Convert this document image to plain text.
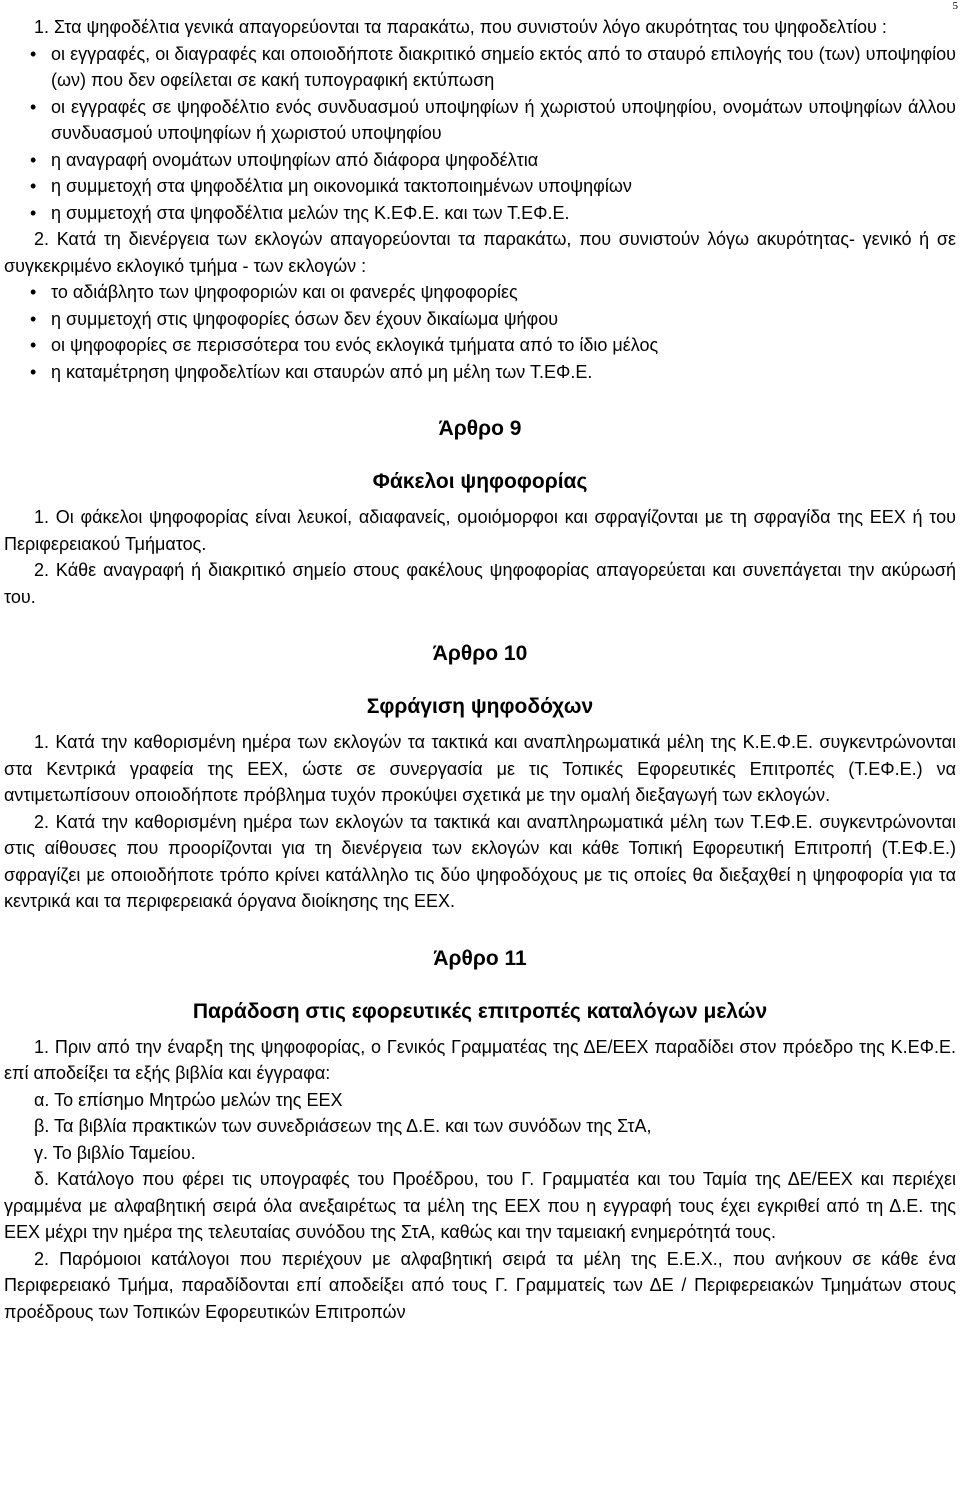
5

1. Στα ψηφοδέλτια γενικά απαγορεύονται τα παρακάτω, που συνιστούν λόγο ακυρότητας του ψηφοδελτίου :

• οι εγγραφές, οι διαγραφές και οποιοδήποτε διακριτικό σημείο εκτός από το σταυρό επιλογής του (των) υποψηφίου (ων) που δεν οφείλεται σε κακή τυπογραφική εκτύπωση
• οι εγγραφές σε ψηφοδέλτιο ενός συνδυασμού υποψηφίων ή χωριστού υποψηφίου, ονομάτων υποψηφίων άλλου συνδυασμού υποψηφίων ή χωριστού υποψηφίου
• η αναγραφή ονομάτων υποψηφίων από διάφορα ψηφοδέλτια
• η συμμετοχή στα ψηφοδέλτια μη οικονομικά τακτοποιημένων υποψηφίων
• η συμμετοχή στα ψηφοδέλτια μελών της Κ.ΕΦ.Ε. και των Τ.ΕΦ.Ε.

2. Κατά τη διενέργεια των εκλογών απαγορεύονται τα παρακάτω, που συνιστούν λόγω ακυρότητας- γενικό ή σε συγκεκριμένο εκλογικό τμήμα - των εκλογών :

• το αδιάβλητο των ψηφοφοριών και οι φανερές ψηφοφορίες
• η συμμετοχή στις ψηφοφορίες όσων δεν έχουν δικαίωμα ψήφου
• οι ψηφοφορίες σε περισσότερα του ενός εκλογικά τμήματα από το ίδιο μέλος
• η καταμέτρηση ψηφοδελτίων και σταυρών από μη μέλη των Τ.ΕΦ.Ε.

Άρθρο 9

Φάκελοι ψηφοφορίας

1. Οι φάκελοι ψηφοφορίας είναι λευκοί, αδιαφανείς, ομοιόμορφοι και σφραγίζονται με τη σφραγίδα της ΕΕΧ ή του Περιφερειακού Τμήματος.

2. Κάθε αναγραφή ή διακριτικό σημείο στους φακέλους ψηφοφορίας απαγορεύεται και συνεπάγεται την ακύρωσή του.

Άρθρο 10

Σφράγιση ψηφοδόχων

1. Κατά την καθορισμένη ημέρα των εκλογών τα τακτικά και αναπληρωματικά μέλη της Κ.Ε.Φ.Ε. συγκεντρώνονται στα Κεντρικά γραφεία της ΕΕΧ, ώστε σε συνεργασία με τις Τοπικές Εφορευτικές Επιτροπές (Τ.ΕΦ.Ε.) να αντιμετωπίσουν οποιοδήποτε πρόβλημα τυχόν προκύψει σχετικά με την ομαλή διεξαγωγή των εκλογών.

2. Κατά την καθορισμένη ημέρα των εκλογών τα τακτικά και αναπληρωματικά μέλη των Τ.ΕΦ.Ε. συγκεντρώνονται στις αίθουσες που προορίζονται για τη διενέργεια των εκλογών και κάθε Τοπική Εφορευτική Επιτροπή (Τ.ΕΦ.Ε.) σφραγίζει με οποιοδήποτε τρόπο κρίνει κατάλληλο τις δύο ψηφοδόχους με τις οποίες θα διεξαχθεί η ψηφοφορία για τα κεντρικά και τα περιφερειακά όργανα διοίκησης της ΕΕΧ.

Άρθρο 11

Παράδοση στις εφορευτικές επιτροπές καταλόγων μελών

1. Πριν από την έναρξη της ψηφοφορίας, ο Γενικός Γραμματέας της ΔΕ/ΕΕΧ παραδίδει στον πρόεδρο της Κ.ΕΦ.Ε. επί αποδείξει τα εξής βιβλία και έγγραφα:

α. Το επίσημο Μητρώο μελών της ΕΕΧ

β. Τα βιβλία πρακτικών των συνεδριάσεων της Δ.Ε. και των συνόδων της ΣτΑ,

γ. Το βιβλίο Ταμείου.

δ. Κατάλογο που φέρει τις υπογραφές του Προέδρου, του Γ. Γραμματέα και του Ταμία της ΔΕ/ΕΕΧ και περιέχει γραμμένα με αλφαβητική σειρά όλα ανεξαιρέτως τα μέλη της ΕΕΧ που η εγγραφή τους έχει εγκριθεί από τη Δ.Ε. της ΕΕΧ μέχρι την ημέρα της τελευταίας συνόδου της ΣτΑ, καθώς και την ταμειακή ενημερότητά τους.

2. Παρόμοιοι κατάλογοι που περιέχουν με αλφαβητική σειρά τα μέλη της Ε.Ε.Χ., που ανήκουν σε κάθε ένα Περιφερειακό Τμήμα, παραδίδονται επί αποδείξει από τους Γ. Γραμματείς των ΔΕ / Περιφερειακών Τμημάτων στους προέδρους των Τοπικών Εφορευτικών Επιτροπών
